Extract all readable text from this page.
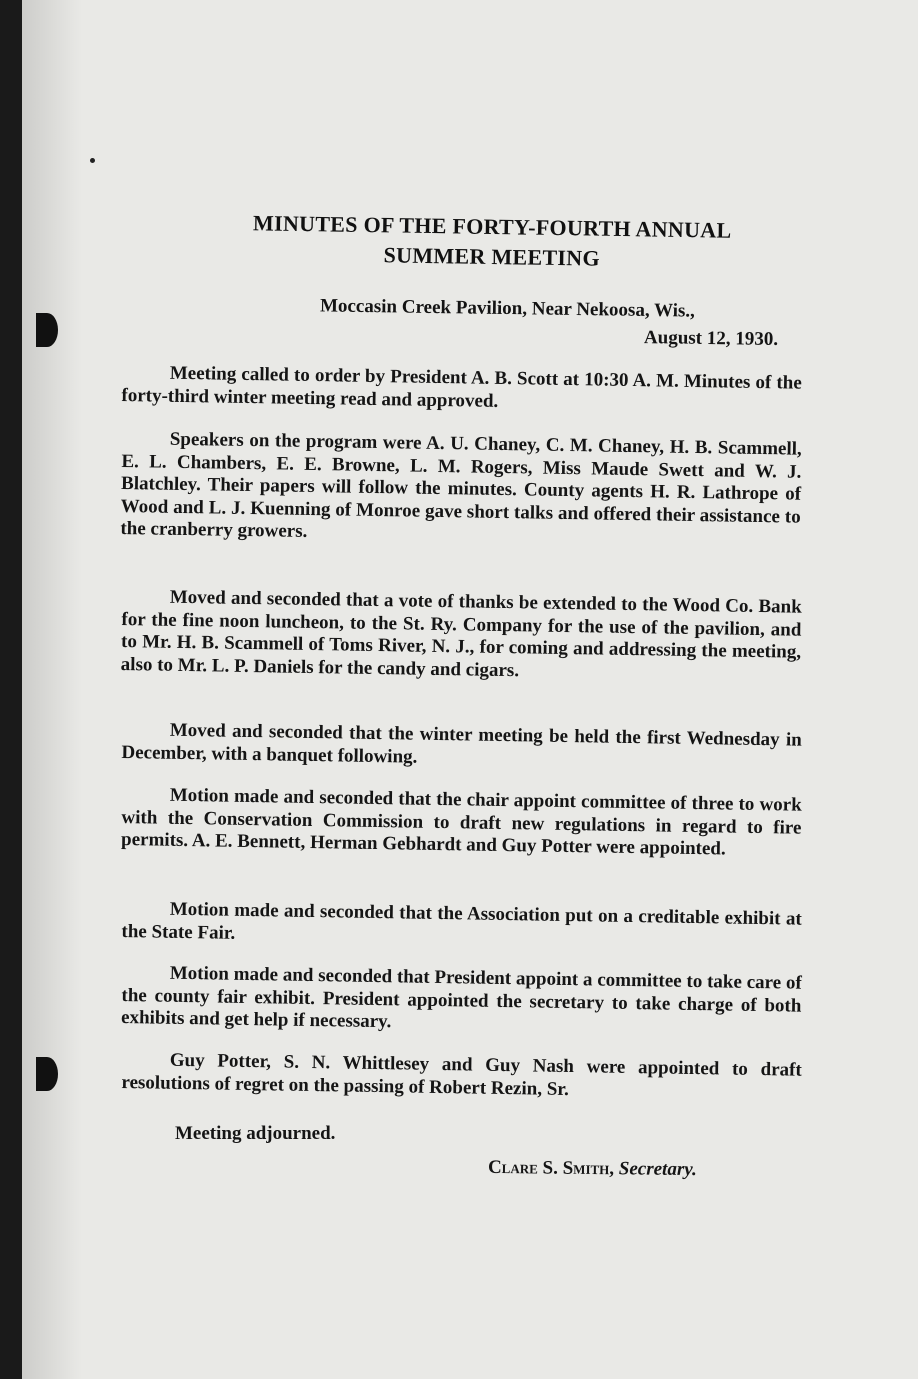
MINUTES OF THE FORTY-FOURTH ANNUAL
SUMMER MEETING
Moccasin Creek Pavilion, Near Nekoosa, Wis.,
August 12, 1930.
Meeting called to order by President A. B. Scott at 10:30 A. M. Minutes of the forty-third winter meeting read and approved.
Speakers on the program were A. U. Chaney, C. M. Chaney, H. B. Scammell, E. L. Chambers, E. E. Browne, L. M. Rogers, Miss Maude Swett and W. J. Blatchley. Their papers will follow the minutes. County agents H. R. Lathrope of Wood and L. J. Kuenning of Monroe gave short talks and offered their assistance to the cranberry growers.
Moved and seconded that a vote of thanks be extended to the Wood Co. Bank for the fine noon luncheon, to the St. Ry. Company for the use of the pavilion, and to Mr. H. B. Scammell of Toms River, N. J., for coming and addressing the meeting, also to Mr. L. P. Daniels for the candy and cigars.
Moved and seconded that the winter meeting be held the first Wednesday in December, with a banquet following.
Motion made and seconded that the chair appoint committee of three to work with the Conservation Commission to draft new regulations in regard to fire permits. A. E. Bennett, Herman Gebhardt and Guy Potter were appointed.
Motion made and seconded that the Association put on a creditable exhibit at the State Fair.
Motion made and seconded that President appoint a committee to take care of the county fair exhibit. President appointed the secretary to take charge of both exhibits and get help if necessary.
Guy Potter, S. N. Whittlesey and Guy Nash were appointed to draft resolutions of regret on the passing of Robert Rezin, Sr.
Meeting adjourned.
Clare S. Smith, Secretary.
